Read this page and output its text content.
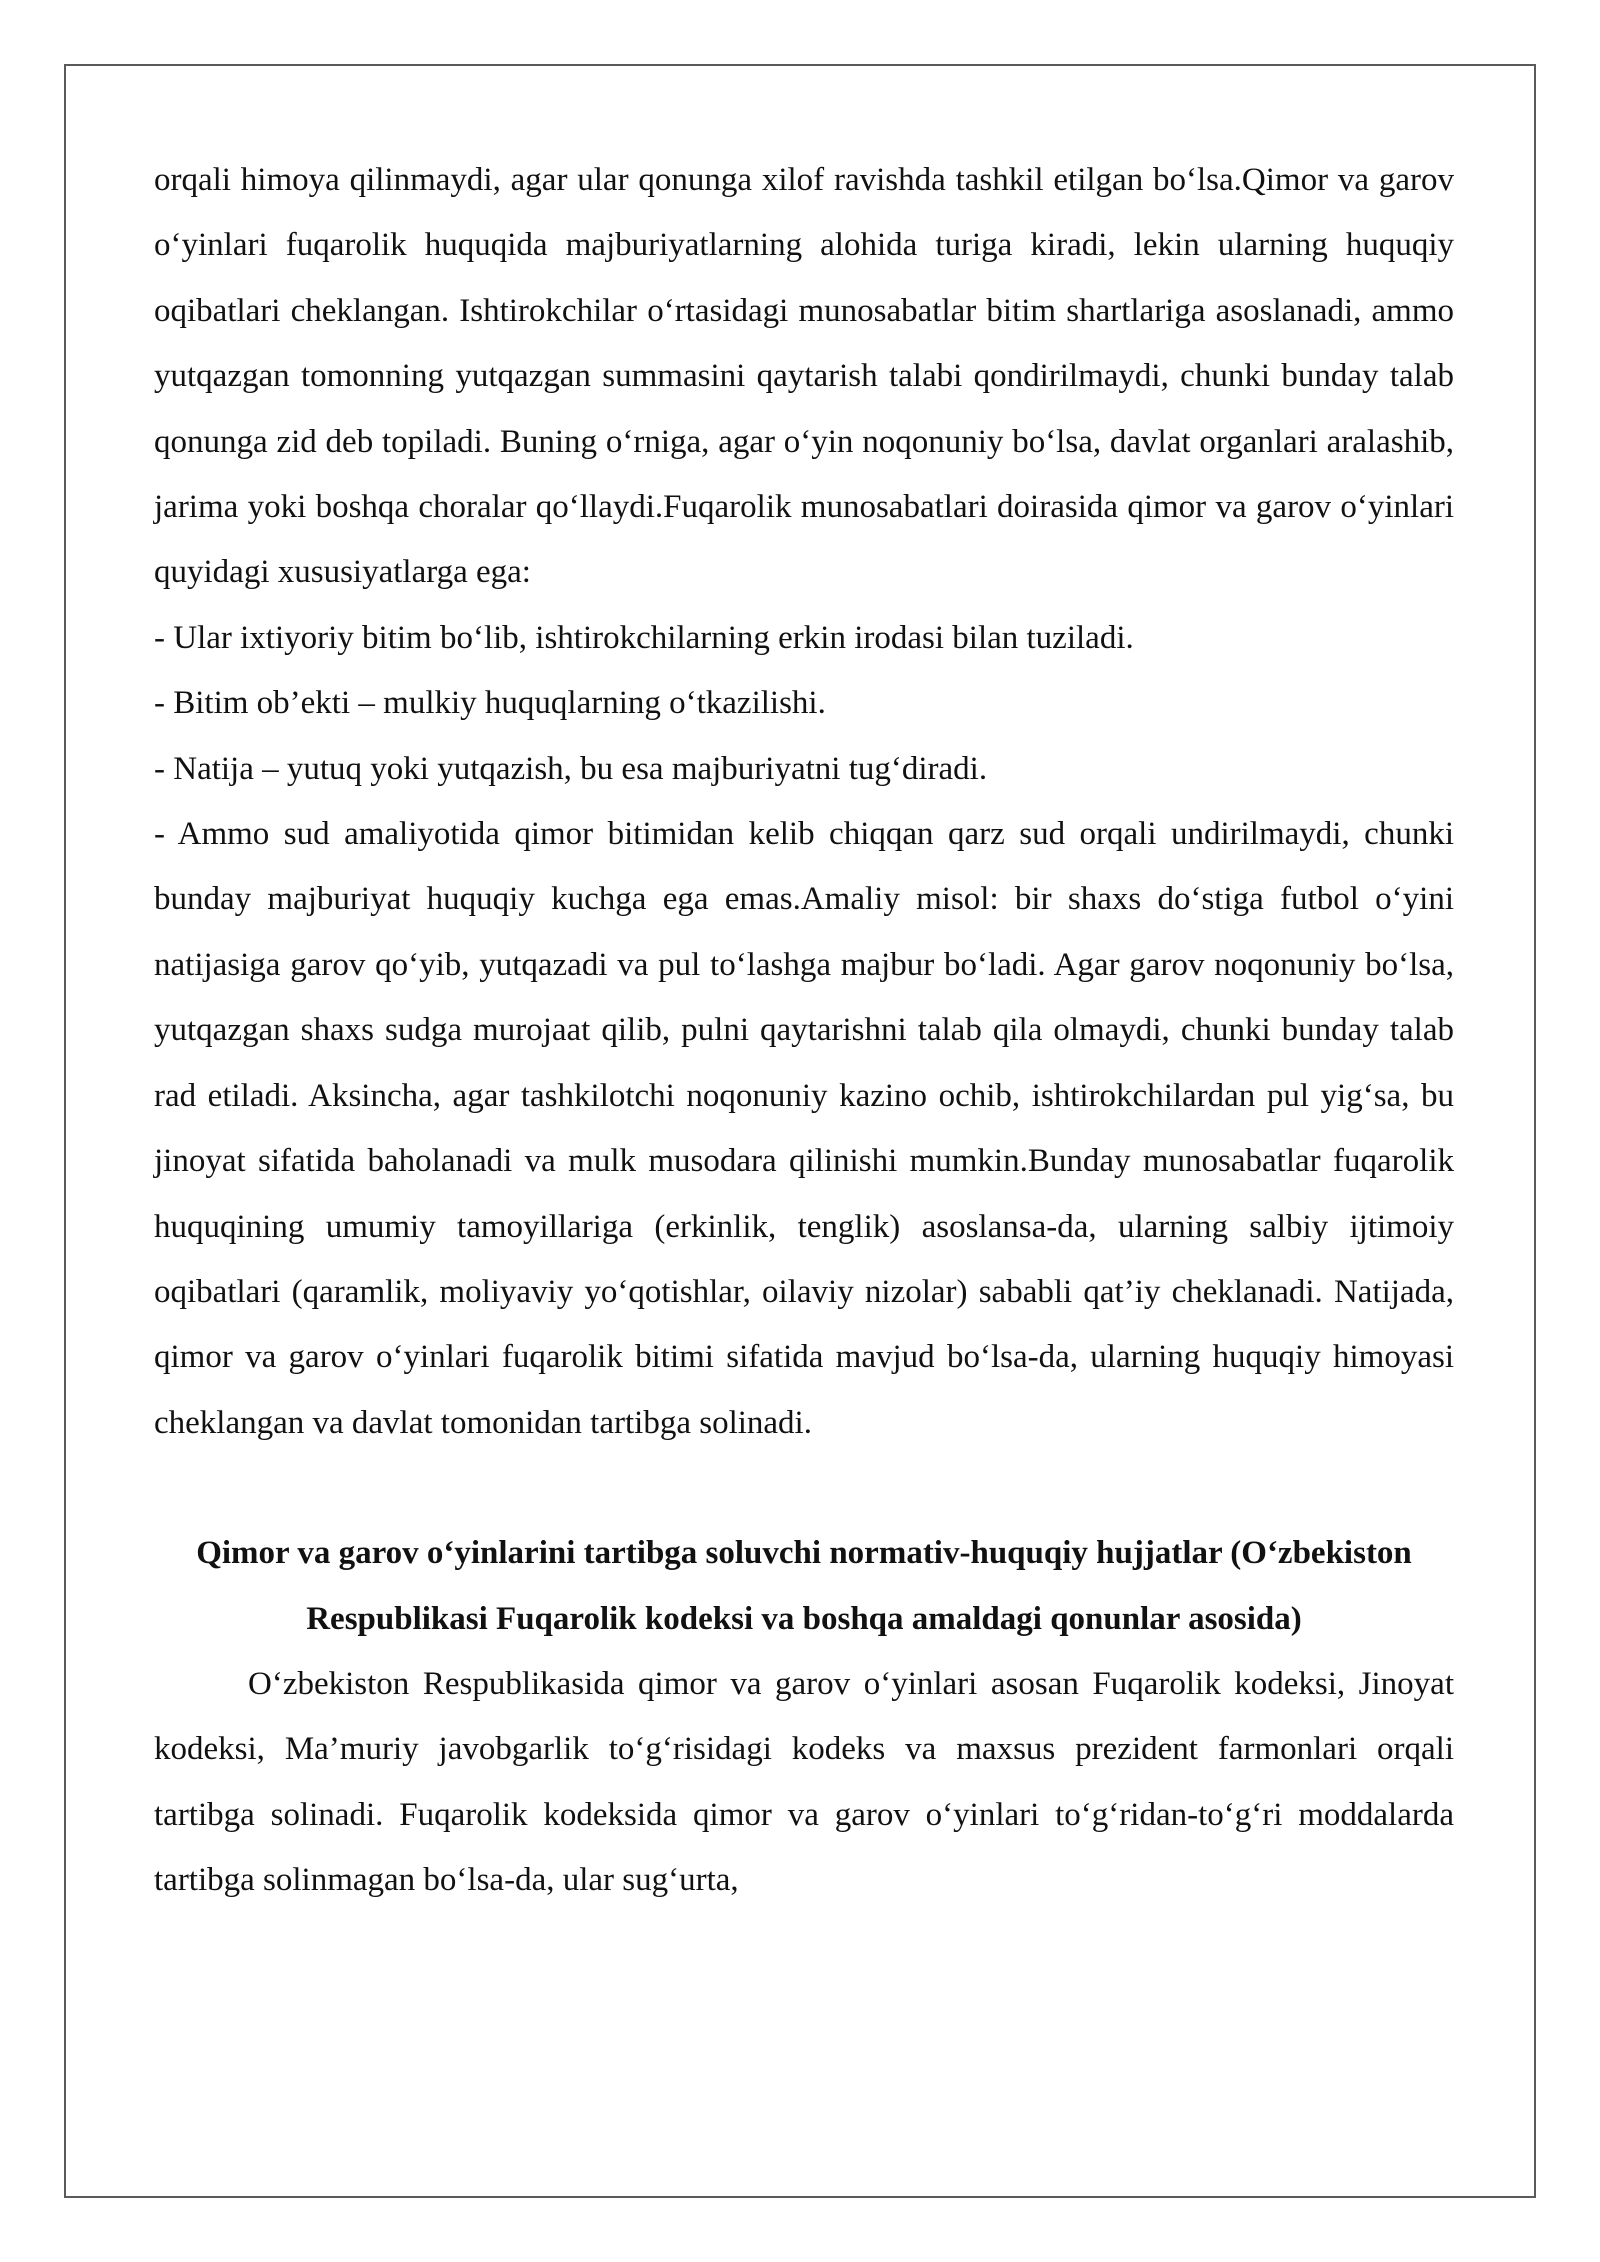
orqali himoya qilinmaydi, agar ular qonunga xilof ravishda tashkil etilgan bo‘lsa.Qimor va garov o‘yinlari fuqarolik huquqida majburiyatlarning alohida turiga kiradi, lekin ularning huquqiy oqibatlari cheklangan. Ishtirokchilar o‘rtasidagi munosabatlar bitim shartlariga asoslanadi, ammo yutqazgan tomonning yutqazgan summasini qaytarish talabi qondirilmaydi, chunki bunday talab qonunga zid deb topiladi. Buning o‘rniga, agar o‘yin noqonuniy bo‘lsa, davlat organlari aralashib, jarima yoki boshqa choralar qo‘llaydi.Fuqarolik munosabatlari doirasida qimor va garov o‘yinlari quyidagi xususiyatlarga ega:

- Ular ixtiyoriy bitim bo‘lib, ishtirokchilarning erkin irodasi bilan tuziladi.

- Bitim ob’ekti – mulkiy huquqlarning o‘tkazilishi.

- Natija – yutuq yoki yutqazish, bu esa majburiyatni tug‘diradi.

- Ammo sud amaliyotida qimor bitimidan kelib chiqqan qarz sud orqali undirilmaydi, chunki bunday majburiyat huquqiy kuchga ega emas.Amaliy misol: bir shaxs do‘stiga futbol o‘yini natijasiga garov qo‘yib, yutqazadi va pul to‘lashga majbur bo‘ladi. Agar garov noqonuniy bo‘lsa, yutqazgan shaxs sudga murojaat qilib, pulni qaytarishni talab qila olmaydi, chunki bunday talab rad etiladi. Aksincha, agar tashkilotchi noqonuniy kazino ochib, ishtirokchilardan pul yig‘sa, bu jinoyat sifatida baholanadi va mulk musodara qilinishi mumkin.Bunday munosabatlar fuqarolik huquqining umumiy tamoyillariga (erkinlik, tenglik) asoslansa-da, ularning salbiy ijtimoiy oqibatlari (qaramlik, moliyaviy yo‘qotishlar, oilaviy nizolar) sababli qat’iy cheklanadi. Natijada, qimor va garov o‘yinlari fuqarolik bitimi sifatida mavjud bo‘lsa-da, ularning huquqiy himoyasi cheklangan va davlat tomonidan tartibga solinadi.

Qimor va garov o‘yinlarini tartibga soluvchi normativ-huquqiy hujjatlar (O‘zbekiston Respublikasi Fuqarolik kodeksi va boshqa amaldagi qonunlar asosida)

O‘zbekiston Respublikasida qimor va garov o‘yinlari asosan Fuqarolik kodeksi, Jinoyat kodeksi, Ma’muriy javobgarlik to‘g‘risidagi kodeks va maxsus prezident farmonlari orqali tartibga solinadi. Fuqarolik kodeksida qimor va garov o‘yinlari to‘g‘ridan-to‘g‘ri moddalarda tartibga solinmagan bo‘lsa-da, ular sug‘urta,
